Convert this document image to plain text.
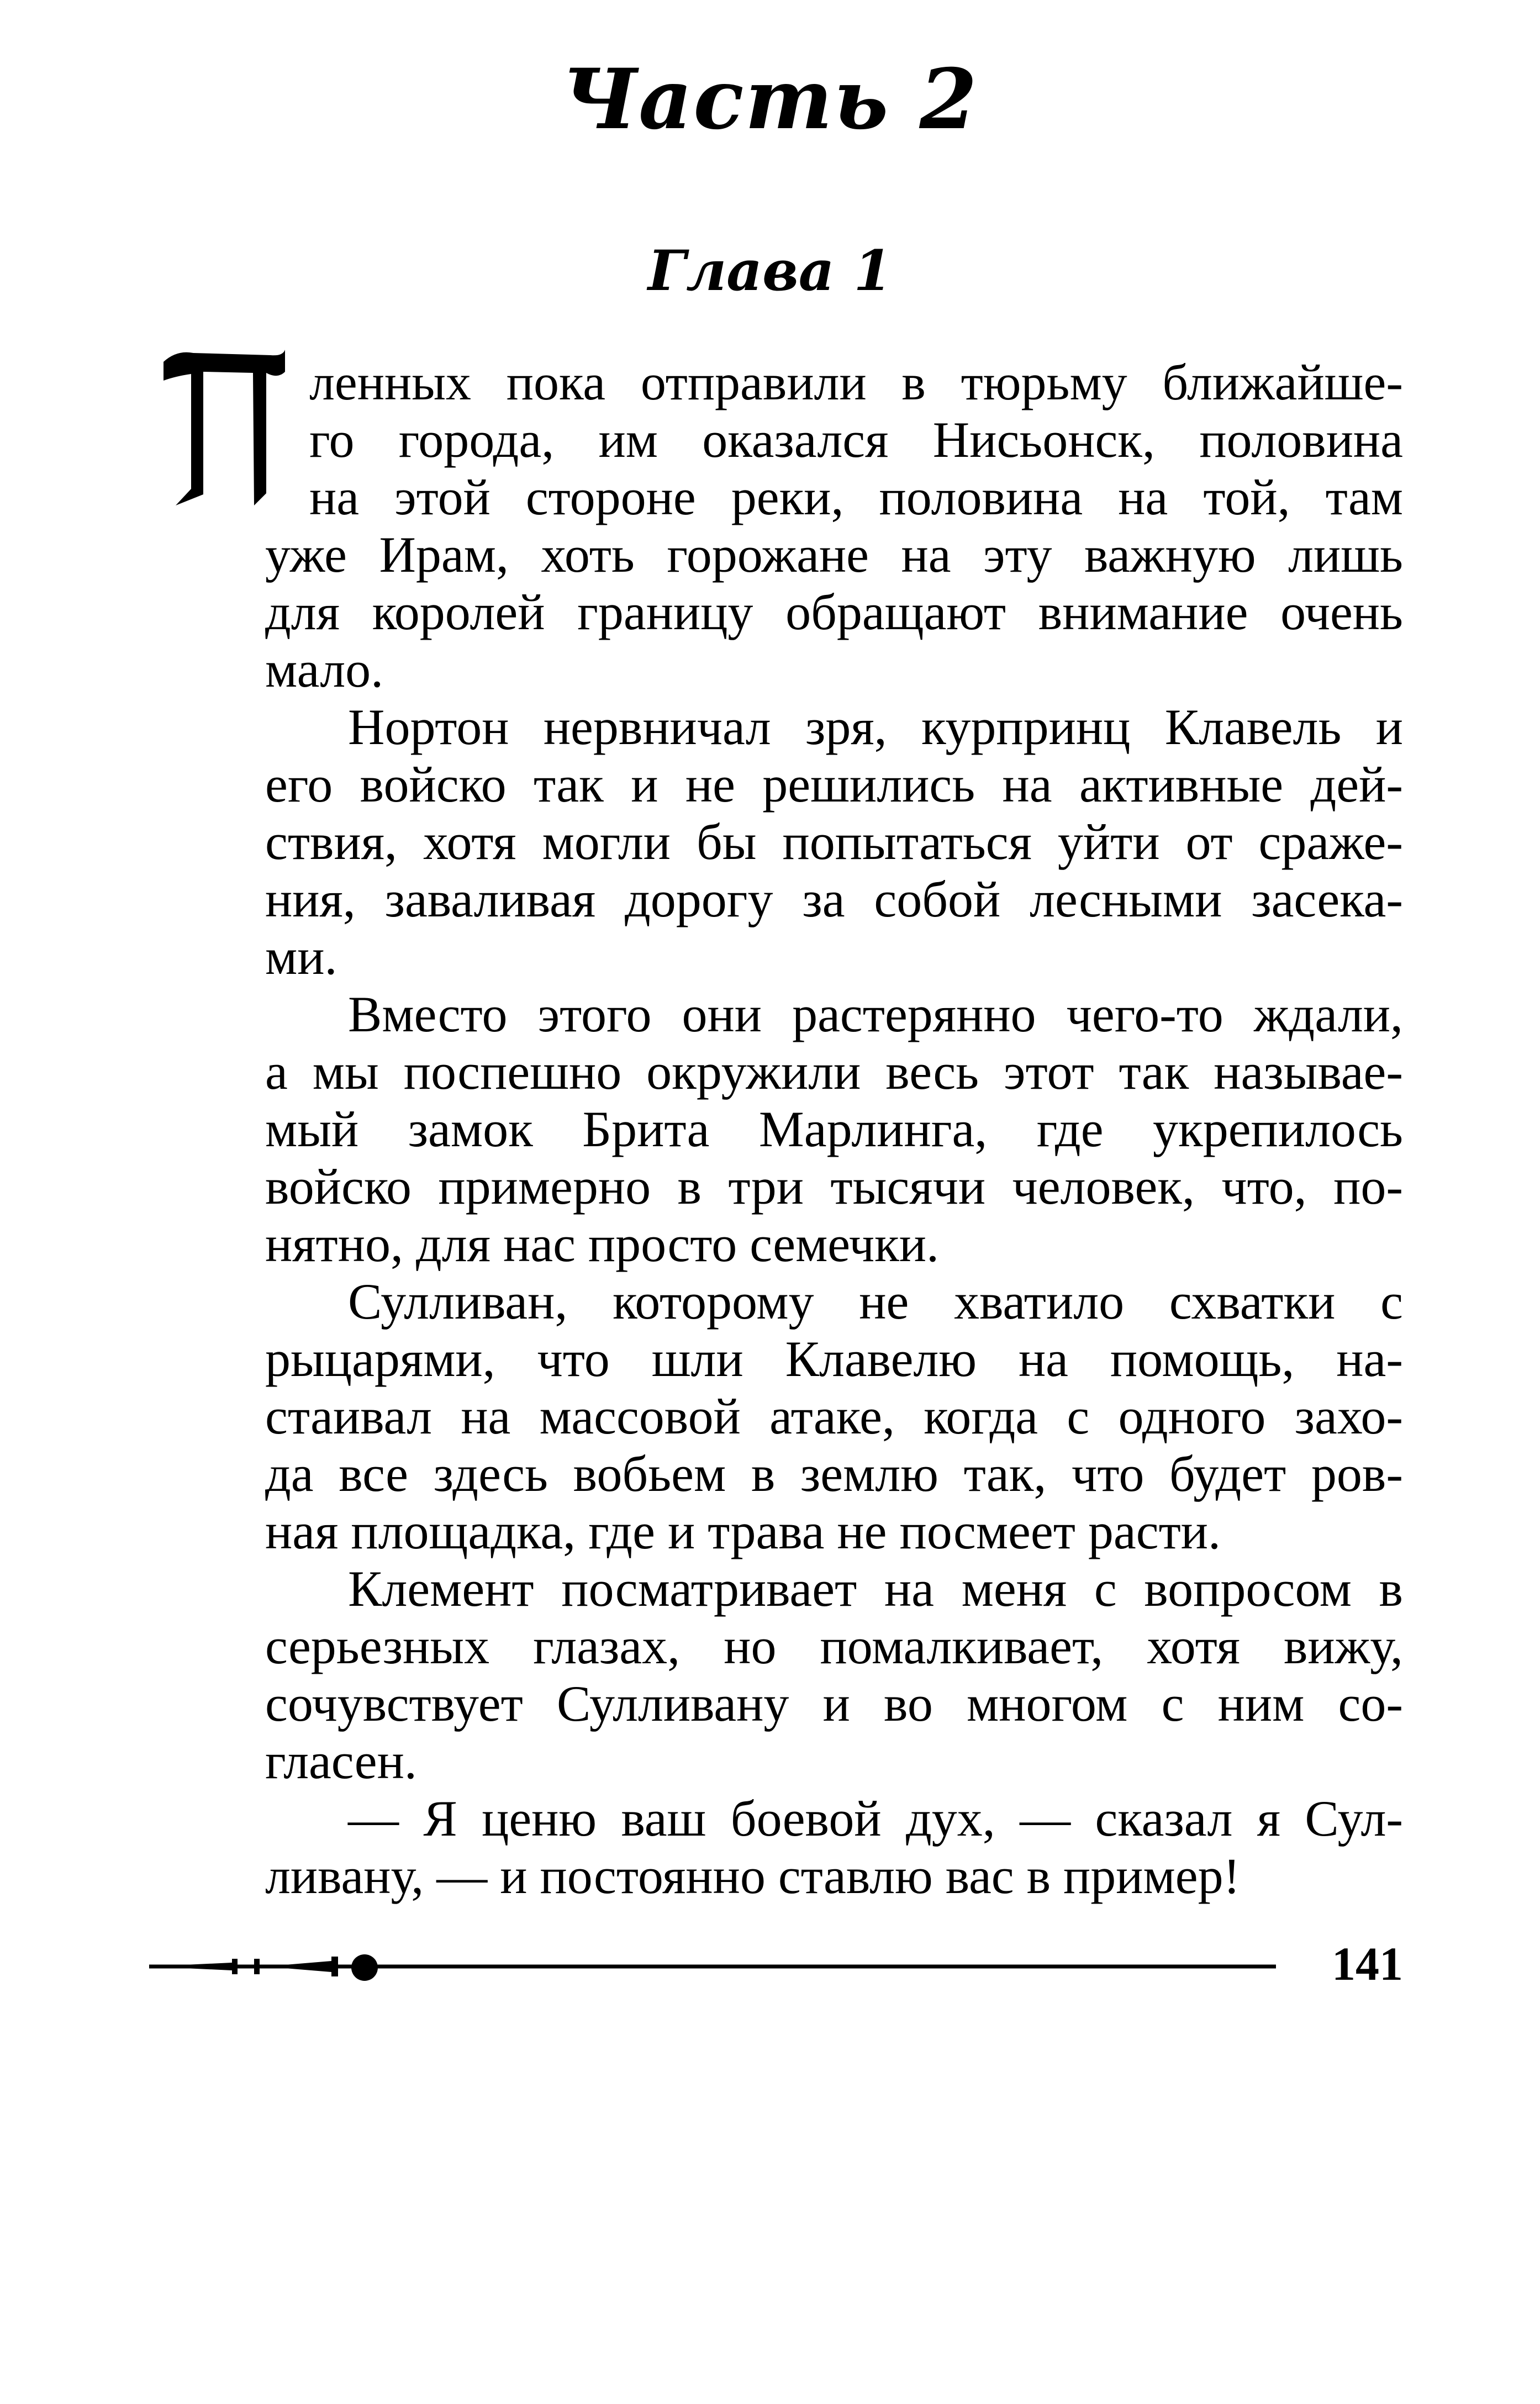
Часть 2
Глава 1
ленных пока отправили в тюрьму ближайше-
го города, им оказался Нисьонск, половина
на этой стороне реки, половина на той, там
уже Ирам, хоть горожане на эту важную лишь
для королей границу обращают внимание очень
мало.
Нортон нервничал зря, курпринц Клавель и
его войско так и не решились на активные дей-
ствия, хотя могли бы попытаться уйти от сраже-
ния, заваливая дорогу за собой лесными засека-
ми.
Вместо этого они растерянно чего-то ждали,
а мы поспешно окружили весь этот так называе-
мый замок Брита Марлинга, где укрепилось
войско примерно в три тысячи человек, что, по-
нятно, для нас просто семечки.
Сулливан, которому не хватило схватки с
рыцарями, что шли Клавелю на помощь, на-
стаивал на массовой атаке, когда с одного захо-
да все здесь вобьем в землю так, что будет ров-
ная площадка, где и трава не посмеет расти.
Клемент посматривает на меня с вопросом в
серьезных глазах, но помалкивает, хотя вижу,
сочувствует Сулливану и во многом с ним со-
гласен.
— Я ценю ваш боевой дух, — сказал я Сул-
ливану, — и постоянно ставлю вас в пример!
141
